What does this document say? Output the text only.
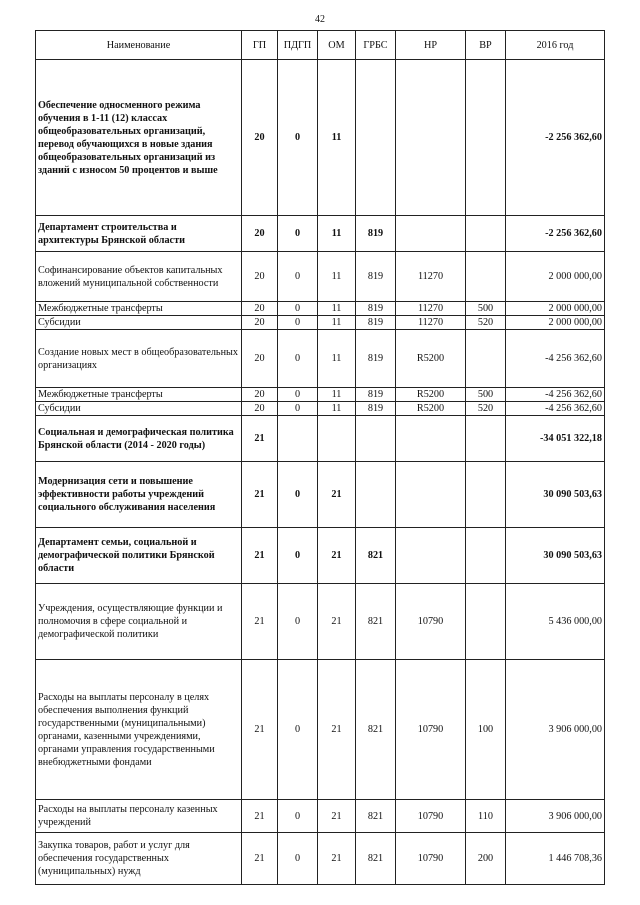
42
Наименование	ГП	ПДГП	ОМ	ГРБС	НР	ВР	2016 год
Обеспечение односменного режима обучения в 1-11 (12) классах общеобразовательных организаций, перевод обучающихся в новые здания общеобразовательных организаций из зданий с износом 50 процентов и выше	20	0	11				-2 256 362,60
Департамент строительства и архитектуры Брянской области	20	0	11	819			-2 256 362,60
Софинансирование объектов капитальных вложений муниципальной собственности	20	0	11	819	11270		2 000 000,00
Межбюджетные трансферты	20	0	11	819	11270	500	2 000 000,00
Субсидии	20	0	11	819	11270	520	2 000 000,00
Создание новых мест в общеобразовательных организациях	20	0	11	819	R5200		-4 256 362,60
Межбюджетные трансферты	20	0	11	819	R5200	500	-4 256 362,60
Субсидии	20	0	11	819	R5200	520	-4 256 362,60
Социальная и демографическая политика Брянской области (2014 - 2020 годы)	21						-34 051 322,18
Модернизация сети и повышение эффективности работы учреждений социального обслуживания населения	21	0	21				30 090 503,63
Департамент семьи, социальной и демографической политики Брянской области	21	0	21	821			30 090 503,63
Учреждения, осуществляющие функции и полномочия в сфере социальной и демографической политики	21	0	21	821	10790		5 436 000,00
Расходы на выплаты персоналу в целях обеспечения выполнения функций государственными (муниципальными) органами, казенными учреждениями, органами управления государственными внебюджетными фондами	21	0	21	821	10790	100	3 906 000,00
Расходы на выплаты персоналу казенных учреждений	21	0	21	821	10790	110	3 906 000,00
Закупка товаров, работ и услуг для обеспечения государственных (муниципальных) нужд	21	0	21	821	10790	200	1 446 708,36
